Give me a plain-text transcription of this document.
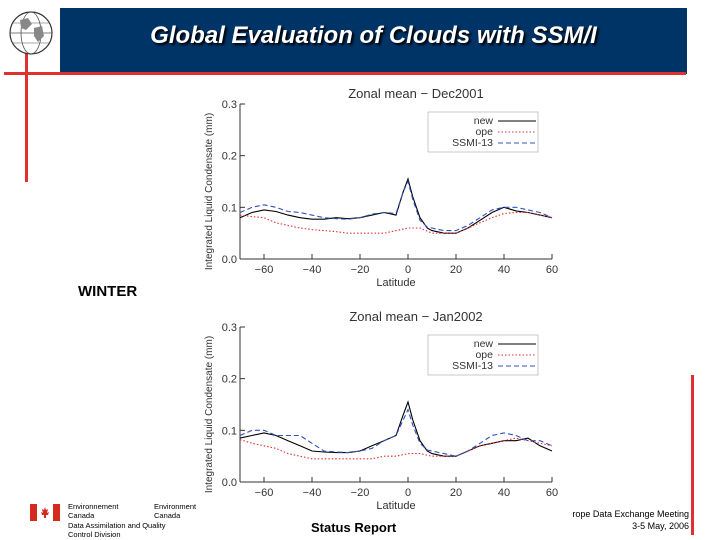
Global Evaluation of Clouds with SSM/I
WINTER
Zonal mean − Dec2001
0.0
0.1
0.2
0.3
−60	−40	−20	0	20	40	60
Latitude
Integrated Liquid Condensate (mm)	new
ope
SSMI-13
Zonal mean − Jan2002
0.0
0.1
0.2
0.3
−60	−40	−20	0	20	40	60
Latitude
Integrated Liquid Condensate (mm)	new
ope
SSMI-13
Environnement	Environment
Canada	Canada
Data Assimilation and Quality
Control Division	Status Report
rope Data Exchange Meeting
3-5 May, 2006
